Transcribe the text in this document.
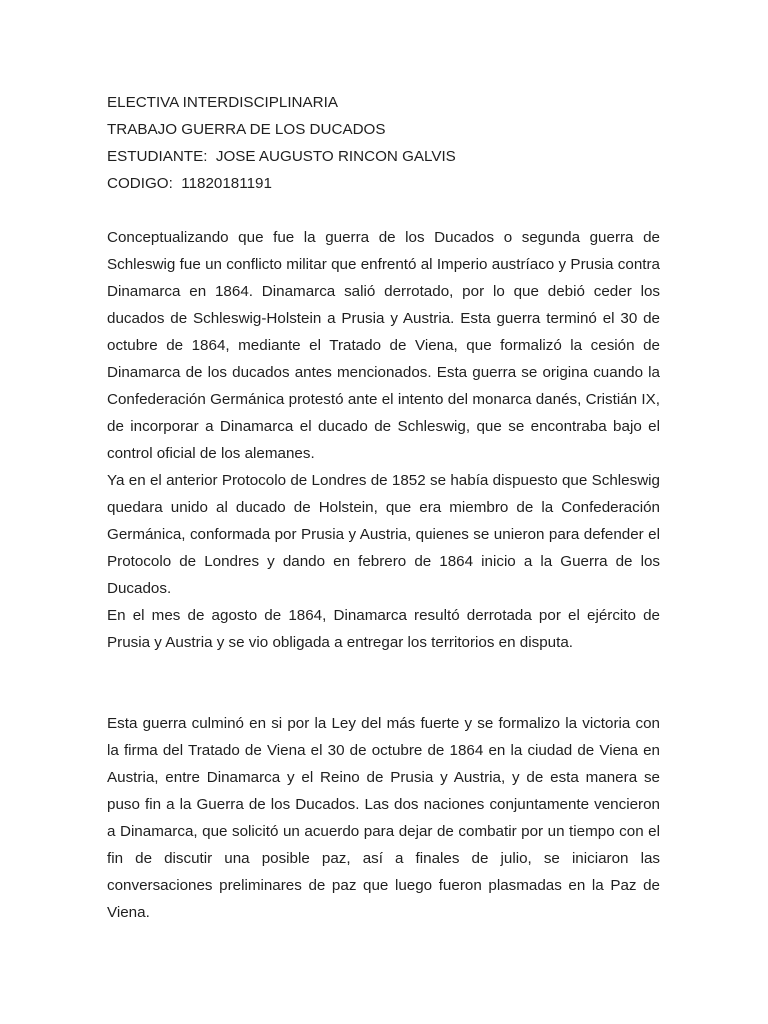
ELECTIVA INTERDISCIPLINARIA

TRABAJO GUERRA DE LOS DUCADOS

ESTUDIANTE:  JOSE AUGUSTO RINCON GALVIS

CODIGO:  11820181191

Conceptualizando que fue la guerra de los Ducados o segunda guerra de Schleswig fue un conflicto militar que enfrentó al Imperio austríaco y Prusia contra Dinamarca en 1864. Dinamarca salió derrotado, por lo que debió ceder los ducados de Schleswig-Holstein a Prusia y Austria. Esta guerra terminó el 30 de octubre de 1864, mediante el Tratado de Viena, que formalizó la cesión de Dinamarca de los ducados antes mencionados. Esta guerra se origina cuando la Confederación Germánica protestó ante el intento del monarca danés, Cristián IX, de incorporar a Dinamarca el ducado de Schleswig, que se encontraba bajo el control oficial de los alemanes.

Ya en el anterior Protocolo de Londres de 1852 se había dispuesto que Schleswig quedara unido al ducado de Holstein, que era miembro de la Confederación Germánica, conformada por Prusia y Austria, quienes se unieron para defender el Protocolo de Londres y dando en febrero de 1864 inicio a la Guerra de los Ducados.

En el mes de agosto de 1864, Dinamarca resultó derrotada por el ejército de Prusia y Austria y se vio obligada a entregar los territorios en disputa.

Esta guerra culminó en si por la Ley del más fuerte y se formalizo la victoria con la firma del Tratado de Viena el 30 de octubre de 1864 en la ciudad de Viena en Austria, entre Dinamarca y el Reino de Prusia y Austria, y de esta manera se puso fin a la Guerra de los Ducados. Las dos naciones conjuntamente vencieron a Dinamarca, que solicitó un acuerdo para dejar de combatir por un tiempo con el fin de discutir una posible paz, así a finales de julio, se iniciaron las conversaciones preliminares de paz que luego fueron plasmadas en la Paz de Viena.
